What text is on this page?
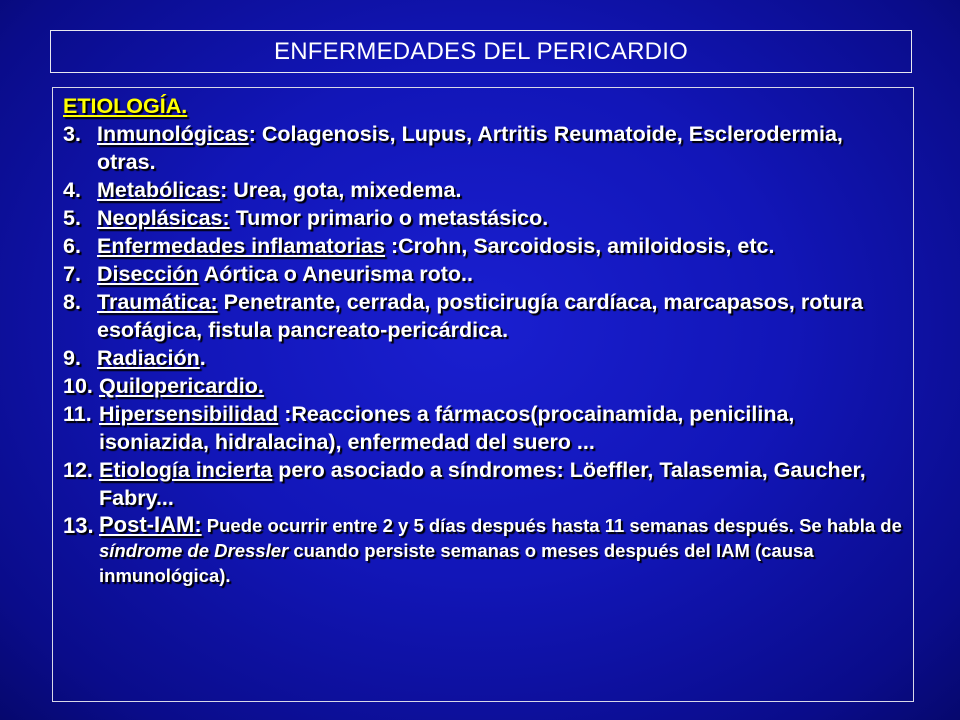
ENFERMEDADES DEL PERICARDIO
ETIOLOGÍA.
3. Inmunológicas: Colagenosis, Lupus, Artritis Reumatoide, Esclerodermia, otras.
4. Metabólicas: Urea, gota, mixedema.
5. Neoplásicas: Tumor primario o metastásico.
6. Enfermedades inflamatorias :Crohn, Sarcoidosis, amiloidosis, etc.
7. Disección Aórtica o Aneurisma roto..
8. Traumática: Penetrante, cerrada, posticirugía cardíaca, marcapasos, rotura esofágica, fistula pancreato-pericárdica.
9. Radiación.
10. Quilopericardio.
11. Hipersensibilidad :Reacciones a fármacos(procainamida, penicilina, isoniazida, hidralacina), enfermedad del suero ...
12. Etiología incierta pero asociado a síndromes: Löeffler, Talasemia, Gaucher, Fabry...
13. Post-IAM: Puede ocurrir entre 2 y 5 días después hasta 11 semanas después. Se habla de síndrome de Dressler cuando persiste semanas o meses después del IAM (causa inmunológica).
